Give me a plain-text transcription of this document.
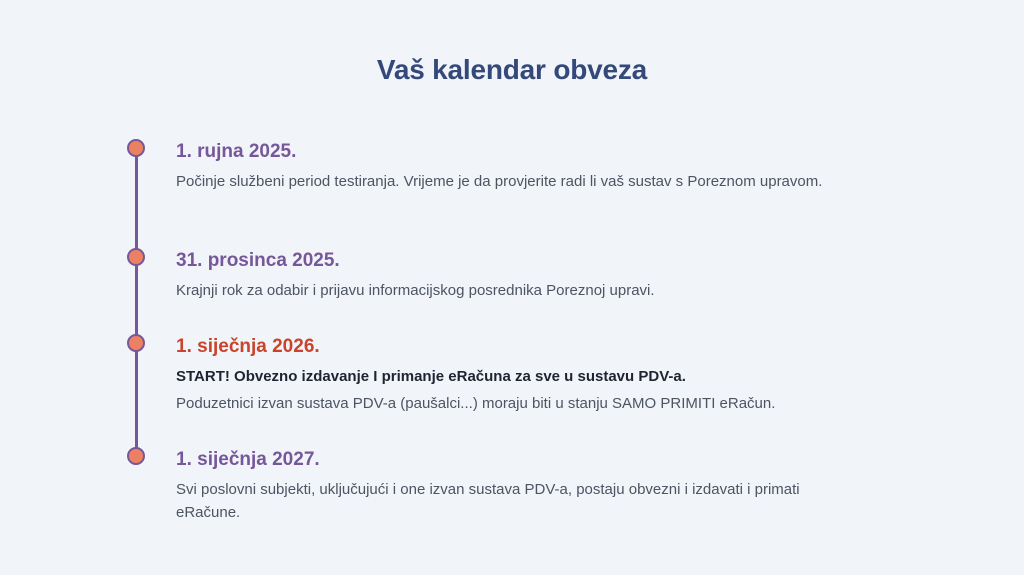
Vaš kalendar obveza
1. rujna 2025.
Počinje službeni period testiranja. Vrijeme je da provjerite radi li vaš sustav s Poreznom upravom.
31. prosinca 2025.
Krajnji rok za odabir i prijavu informacijskog posrednika Poreznoj upravi.
1. siječnja 2026.
START! Obvezno izdavanje I primanje eRačuna za sve u sustavu PDV-a.
Poduzetnici izvan sustava PDV-a (paušalci...) moraju biti u stanju SAMO PRIMITI eRačun.
1. siječnja 2027.
Svi poslovni subjekti, uključujući i one izvan sustava PDV-a, postaju obvezni i izdavati i primati eRačune.
